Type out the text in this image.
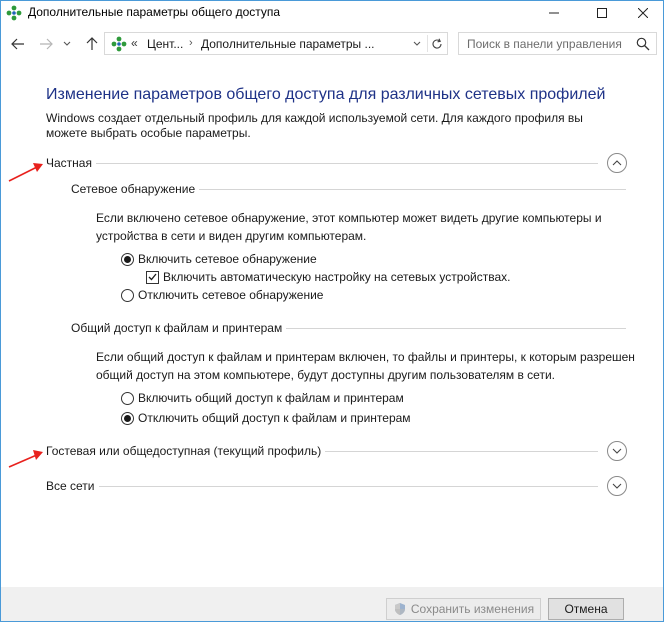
Дополнительные параметры общего доступа
« Цент... › Дополнительные параметры ...
Поиск в панели управления
Изменение параметров общего доступа для различных сетевых профилей
Windows создает отдельный профиль для каждой используемой сети. Для каждого профиля вы можете выбрать особые параметры.
Частная
Сетевое обнаружение
Если включено сетевое обнаружение, этот компьютер может видеть другие компьютеры и устройства в сети и виден другим компьютерам.
Включить сетевое обнаружение
Включить автоматическую настройку на сетевых устройствах.
Отключить сетевое обнаружение
Общий доступ к файлам и принтерам
Если общий доступ к файлам и принтерам включен, то файлы и принтеры, к которым разрешен общий доступ на этом компьютере, будут доступны другим пользователям в сети.
Включить общий доступ к файлам и принтерам
Отключить общий доступ к файлам и принтерам
Гостевая или общедоступная (текущий профиль)
Все сети
Сохранить изменения	Отмена
